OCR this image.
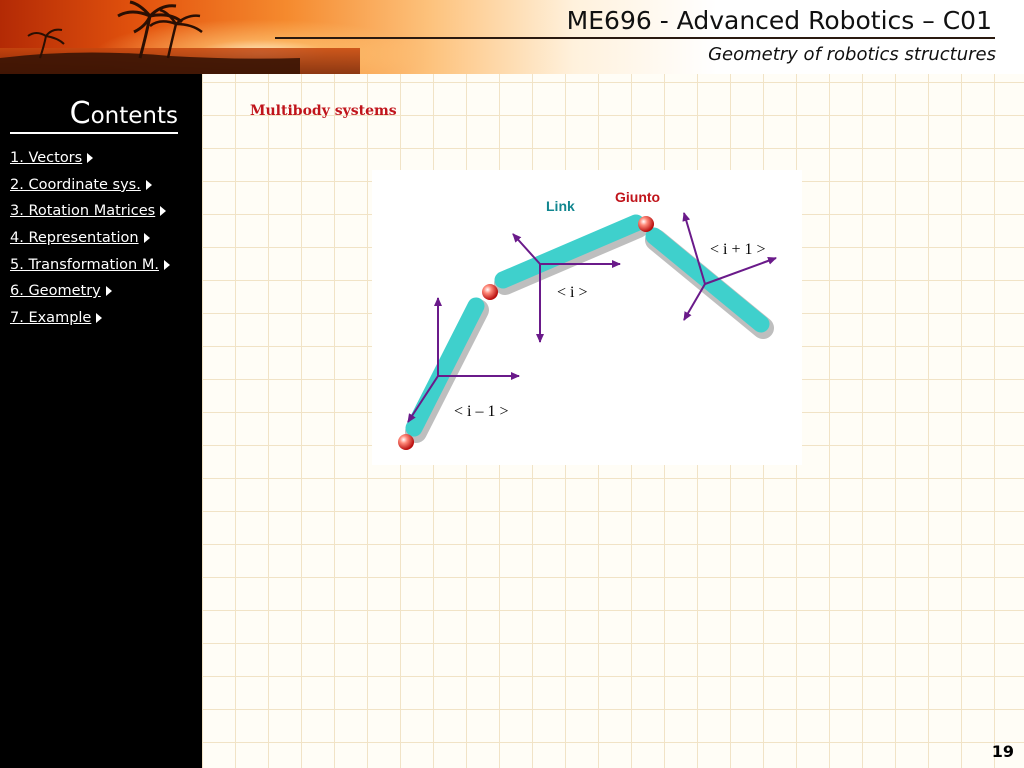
ME696 - Advanced Robotics – C01
Geometry of robotics structures
Contents
1. Vectors
2. Coordinate sys.
3. Rotation Matrices
4. Representation
5. Transformation M.
6. Geometry
7. Example
Multibody systems
Link
Giunto
< i + 1 >
< i >
< i – 1 >
19
